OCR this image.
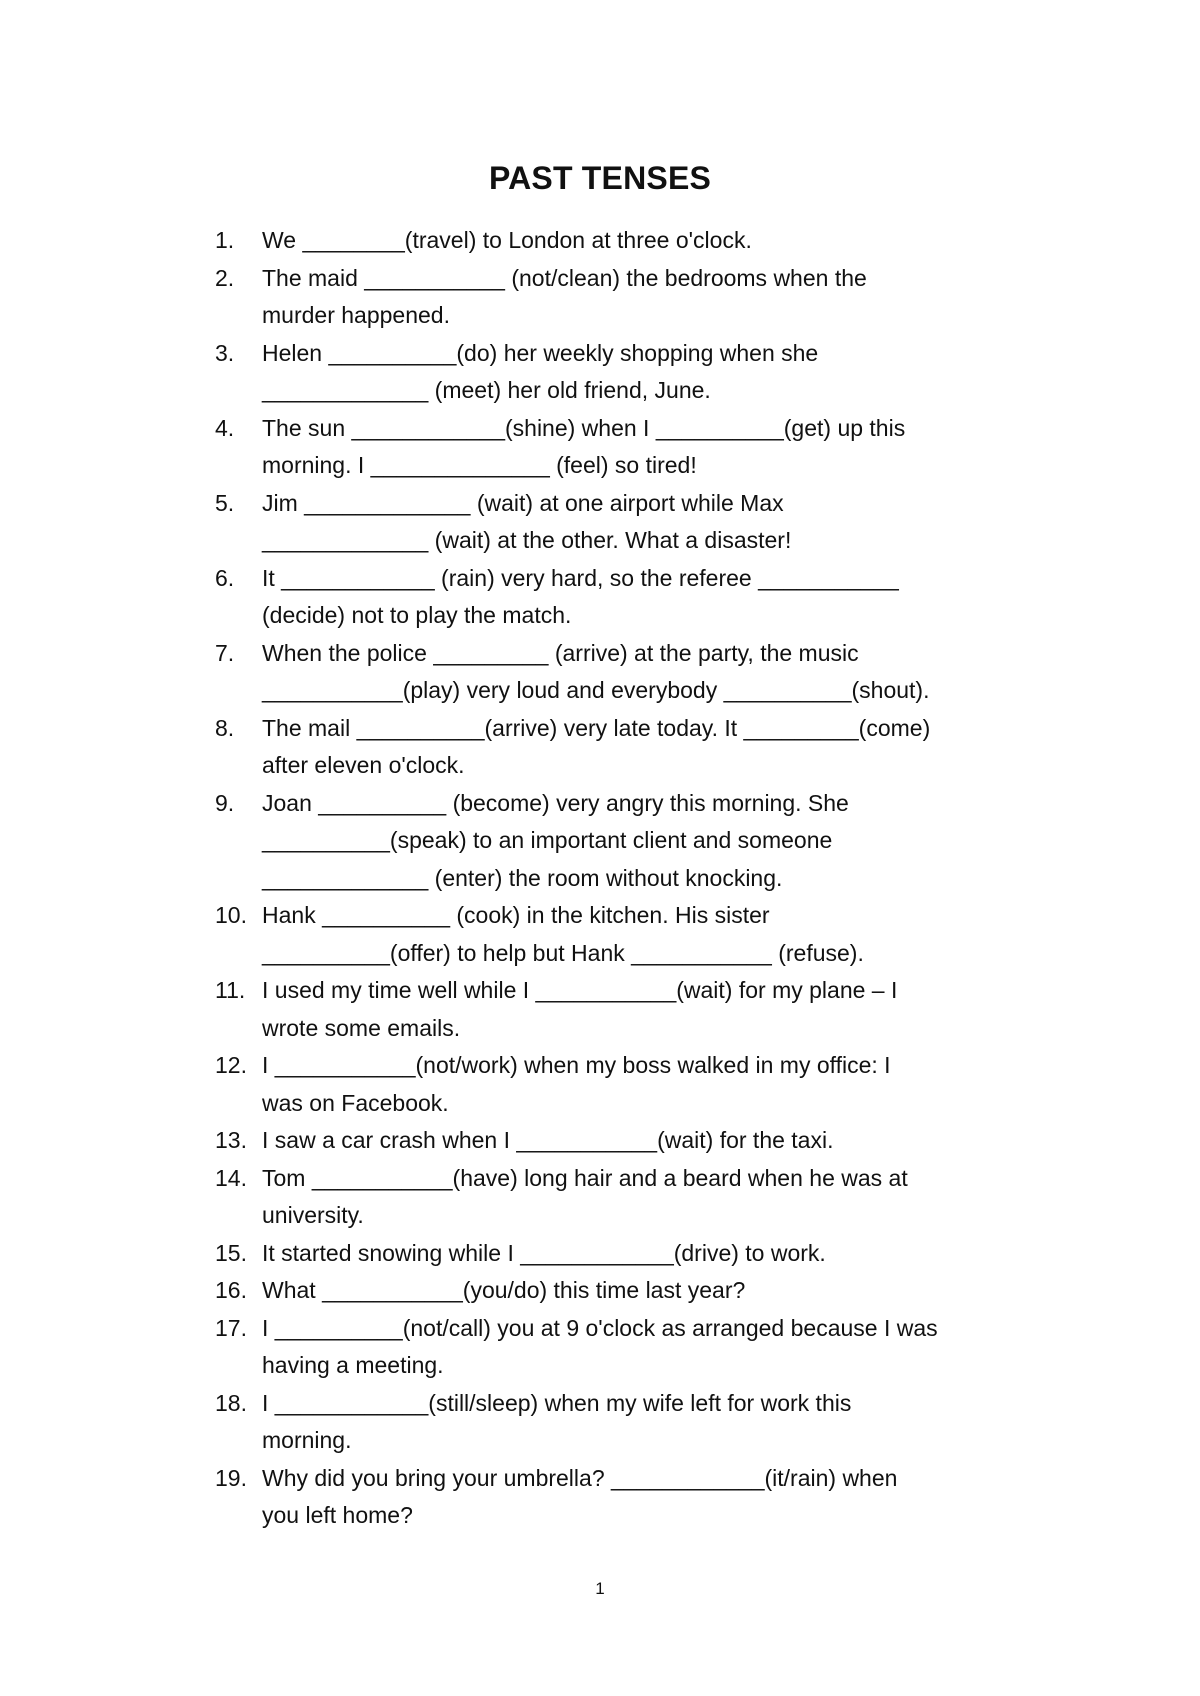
PAST TENSES
1. We ________(travel) to London at three o'clock.
2. The maid ___________ (not/clean) the bedrooms when the
murder happened.
3. Helen __________(do) her weekly shopping when she
_____________ (meet) her old friend, June.
4. The sun ____________(shine) when I __________(get) up this
morning. I ______________ (feel) so tired!
5. Jim _____________ (wait) at one airport while Max
_____________ (wait) at the other. What a disaster!
6. It ____________ (rain) very hard, so the referee ___________
(decide) not to play the match.
7. When the police _________ (arrive) at the party, the music
___________(play) very loud and everybody __________(shout).
8. The mail __________(arrive) very late today. It _________(come)
after eleven o'clock.
9. Joan __________ (become) very angry this morning. She
__________(speak) to an important client and someone
_____________ (enter) the room without knocking.
10. Hank __________ (cook) in the kitchen. His sister
__________(offer) to help but Hank ___________ (refuse).
11. I used my time well while I ___________(wait) for my plane – I
wrote some emails.
12. I ___________(not/work) when my boss walked in my office: I
was on Facebook.
13. I saw a car crash when I ___________(wait) for the taxi.
14. Tom ___________(have) long hair and a beard when he was at
university.
15. It started snowing while I ____________(drive) to work.
16. What ___________(you/do) this time last year?
17. I __________(not/call) you at 9 o'clock as arranged because I was
having a meeting.
18. I ____________(still/sleep) when my wife left for work this
morning.
19. Why did you bring your umbrella? ____________(it/rain) when
you left home?
1
